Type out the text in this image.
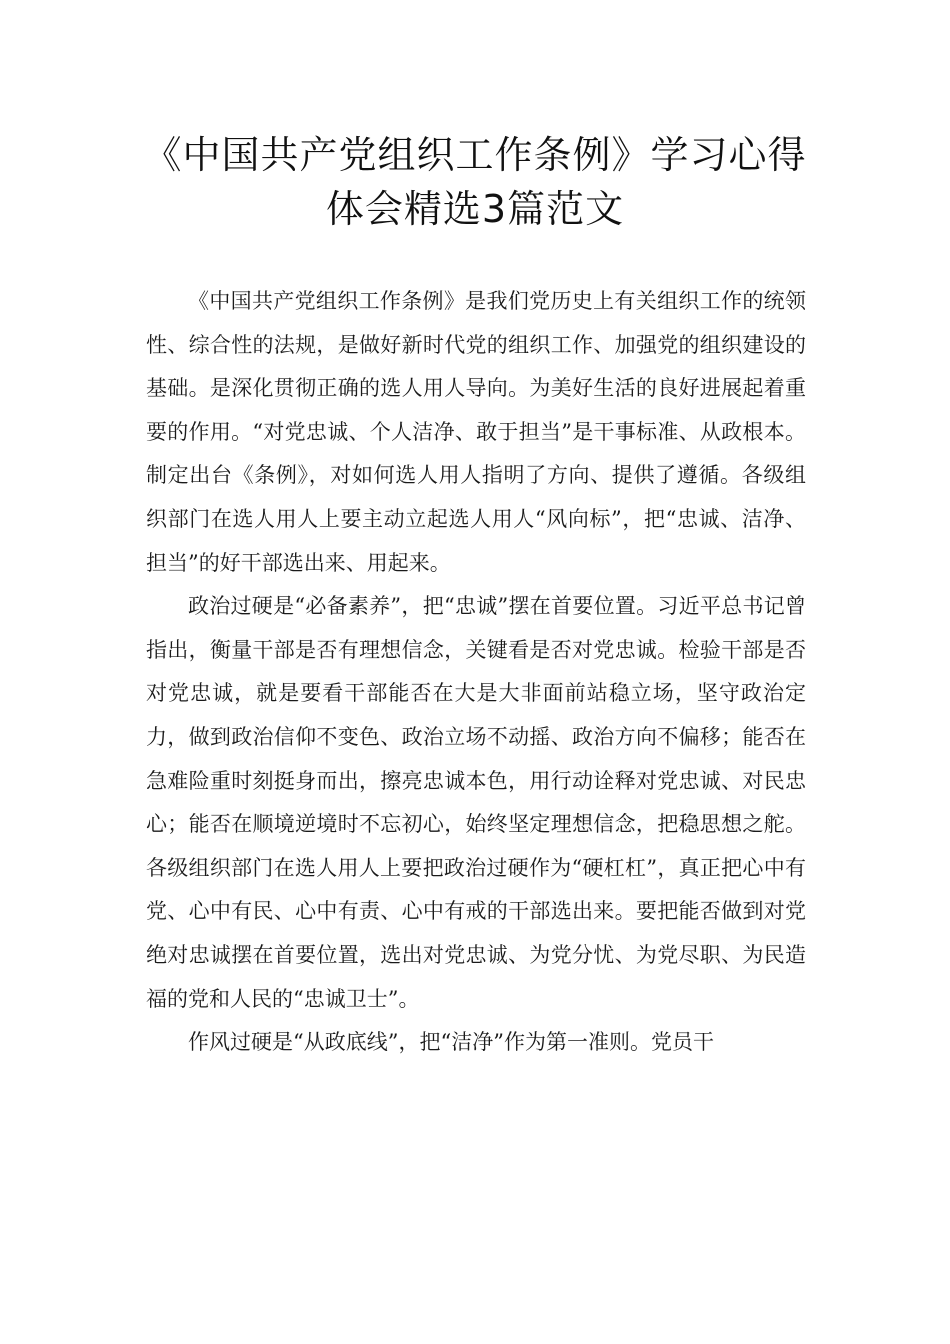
《中国共产党组织工作条例》学习心得
体会精选3篇范文

《中国共产党组织工作条例》是我们党历史上有关组织工作的统领性、综合性的法规，是做好新时代党的组织工作、加强党的组织建设的基础。是深化贯彻正确的选人用人导向。为美好生活的良好进展起着重要的作用。“对党忠诚、个人洁净、敢于担当”是干事标准、从政根本。制定出台《条例》，对如何选人用人指明了方向、提供了遵循。各级组织部门在选人用人上要主动立起选人用人“风向标”，把“忠诚、洁净、担当”的好干部选出来、用起来。

政治过硬是“必备素养”，把“忠诚”摆在首要位置。习近平总书记曾指出，衡量干部是否有理想信念，关键看是否对党忠诚。检验干部是否对党忠诚，就是要看干部能否在大是大非面前站稳立场，坚守政治定力，做到政治信仰不变色、政治立场不动摇、政治方向不偏移；能否在急难险重时刻挺身而出，擦亮忠诚本色，用行动诠释对党忠诚、对民忠心；能否在顺境逆境时不忘初心，始终坚定理想信念，把稳思想之舵。各级组织部门在选人用人上要把政治过硬作为“硬杠杠”，真正把心中有党、心中有民、心中有责、心中有戒的干部选出来。要把能否做到对党绝对忠诚摆在首要位置，选出对党忠诚、为党分忧、为党尽职、为民造福的党和人民的“忠诚卫士”。

作风过硬是“从政底线”，把“洁净”作为第一准则。党员干
